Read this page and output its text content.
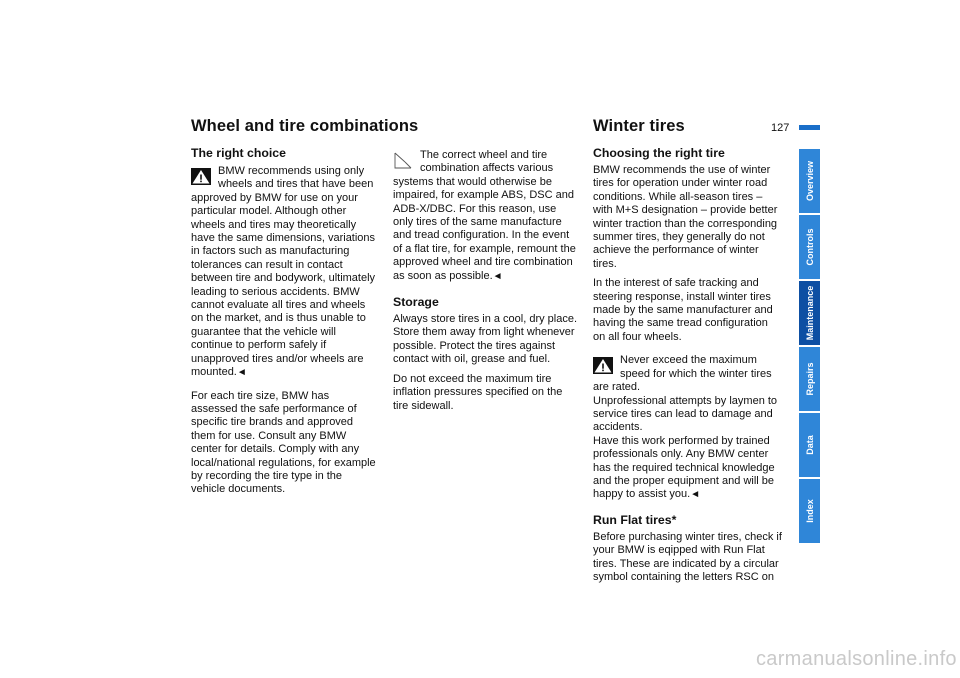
Wheel and tire combinations	Winter tires	127
The right choice

BMW recommends using only wheels and tires that have been approved by BMW for use on your particular model. Although other wheels and tires may theoretically have the same dimensions, variations in factors such as manufacturing tolerances can result in contact between tire and bodywork, ultimately leading to serious accidents. BMW cannot evaluate all tires and wheels on the market, and is thus unable to guarantee that the vehicle will continue to perform safely if unapproved tires and/or wheels are mounted.◄

For each tire size, BMW has assessed the safe performance of specific tire brands and approved them for use. Consult any BMW center for details. Comply with any local/national regulations, for example by recording the tire type in the vehicle documents.

The correct wheel and tire combination affects various systems that would otherwise be impaired, for example ABS, DSC and ADB-X/DBC. For this reason, use only tires of the same manufacture and tread configuration. In the event of a flat tire, for example, remount the approved wheel and tire combination as soon as possible.◄

Storage

Always store tires in a cool, dry place. Store them away from light whenever possible. Protect the tires against contact with oil, grease and fuel.

Do not exceed the maximum tire inflation pressures specified on the tire sidewall.

Choosing the right tire

BMW recommends the use of winter tires for operation under winter road conditions. While all-season tires – with M+S designation – provide better winter traction than the corresponding summer tires, they generally do not achieve the performance of winter tires.

In the interest of safe tracking and steering response, install winter tires made by the same manufacturer and having the same tread configuration on all four wheels.

Never exceed the maximum speed for which the winter tires are rated.

Unprofessional attempts by laymen to service tires can lead to damage and accidents.

Have this work performed by trained professionals only. Any BMW center has the required technical knowledge and the proper equipment and will be happy to assist you.◄

Run Flat tires*

Before purchasing winter tires, check if your BMW is eqipped with Run Flat tires. These are indicated by a circular symbol containing the letters RSC on

Overview
Controls
Maintenance
Repairs
Data
Index
carmanualsonline.info
